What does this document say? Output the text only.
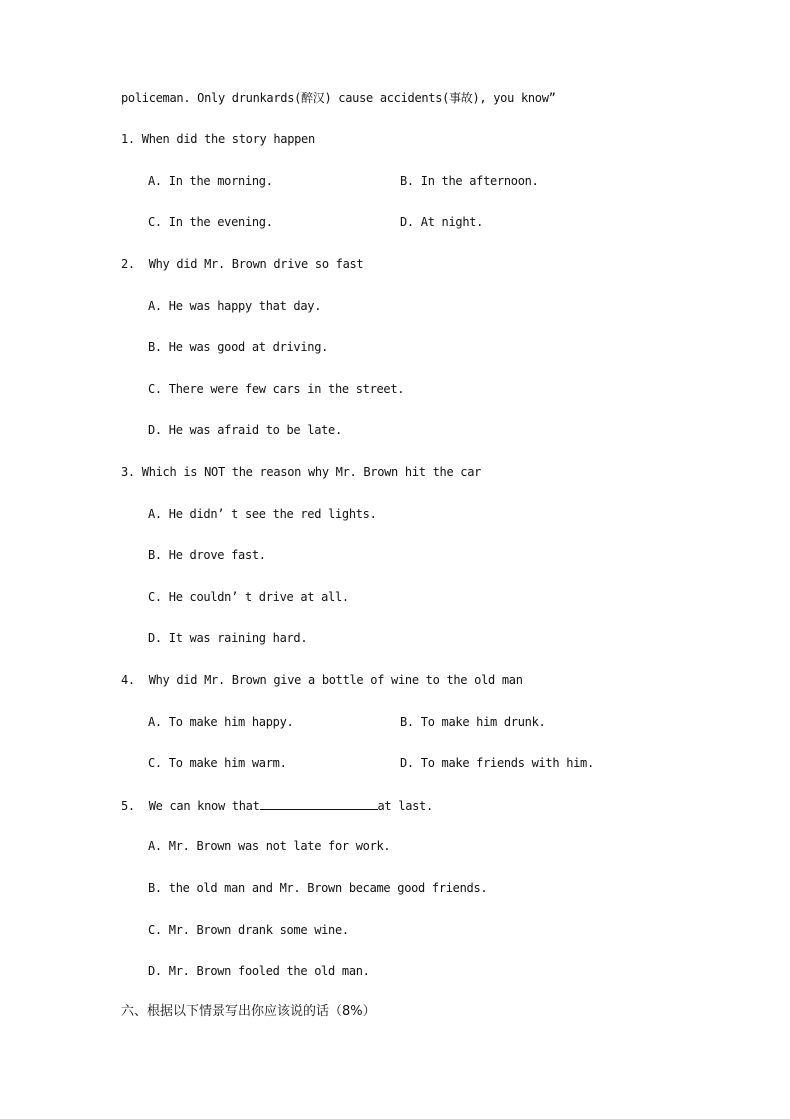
policeman. Only drunkards(醉汉) cause accidents(事故), you know”
1. When did the story happen
A. In the morning.	B. In the afternoon.
C. In the evening.	D. At night.
2.  Why did Mr. Brown drive so fast
A. He was happy that day.
B. He was good at driving.
C. There were few cars in the street.
D. He was afraid to be late.
3. Which is NOT the reason why Mr. Brown hit the car
A. He didn’ t see the red lights.
B. He drove fast.
C. He couldn’ t drive at all.
D. It was raining hard.
4.  Why did Mr. Brown give a bottle of wine to the old man
A. To make him happy.	B. To make him drunk.
C. To make him warm.	D. To make friends with him.
5.  We can know that	at last.
A. Mr. Brown was not late for work.
B. the old man and Mr. Brown became good friends.
C. Mr. Brown drank some wine.
D. Mr. Brown fooled the old man.
六、根据以下情景写出你应该说的话（8%）
